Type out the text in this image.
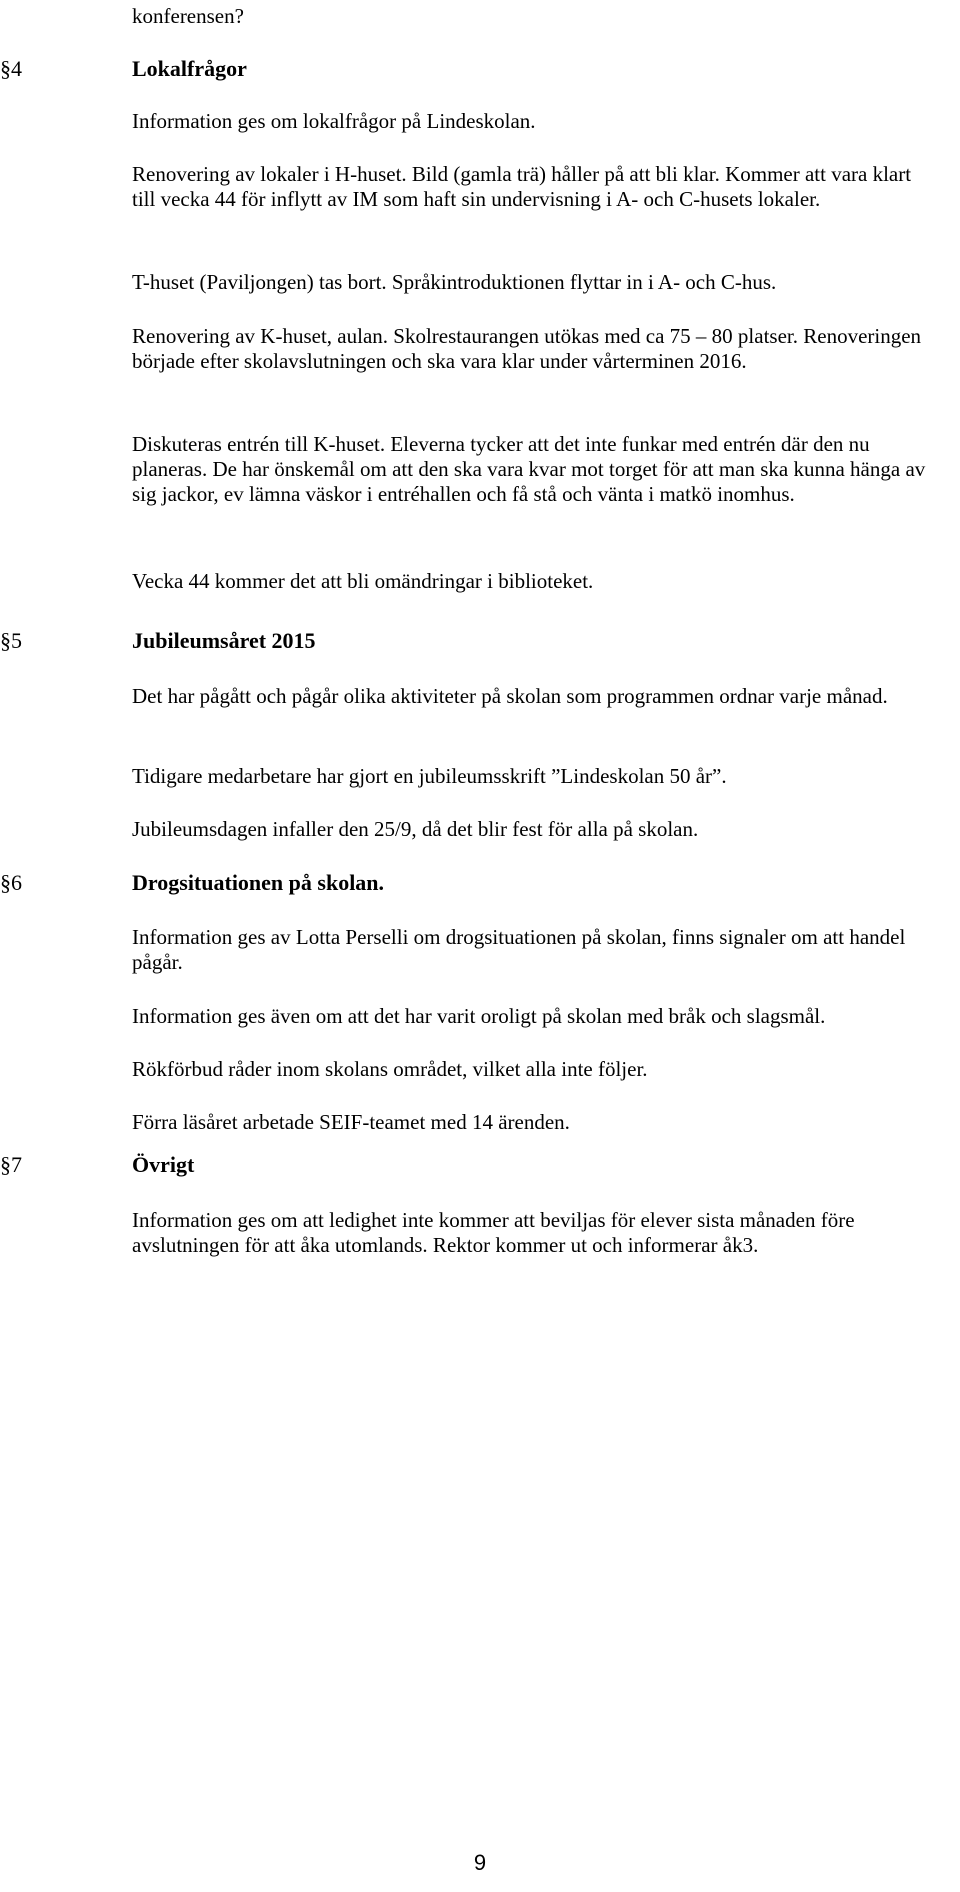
konferensen?

§4	Lokalfrågor

Information ges om lokalfrågor på Lindeskolan.

Renovering av lokaler i H-huset. Bild (gamla trä) håller på att bli klar. Kommer att vara klart till vecka 44 för inflytt av IM som haft sin undervisning i A- och C-husets lokaler.

T-huset (Paviljongen) tas bort. Språkintroduktionen flyttar in i A- och C-hus.

Renovering av K-huset, aulan. Skolrestaurangen utökas med ca 75 – 80 platser. Renoveringen började efter skolavslutningen och ska vara klar under vårterminen 2016.

Diskuteras entrén till K-huset. Eleverna tycker att det inte funkar med entrén där den nu planeras. De har önskemål om att den ska vara kvar mot torget för att man ska kunna hänga av sig jackor, ev lämna väskor i entréhallen och få stå och vänta i matkö inomhus.

Vecka 44 kommer det att bli omändringar i biblioteket.

§5	Jubileumsåret 2015

Det har pågått och pågår olika aktiviteter på skolan som programmen ordnar varje månad.

Tidigare medarbetare har gjort en jubileumsskrift ”Lindeskolan 50 år”.

Jubileumsdagen infaller den 25/9, då det blir fest för alla på skolan.

§6	Drogsituationen på skolan.

Information ges av Lotta Perselli om drogsituationen på skolan, finns signaler om att handel pågår.

Information ges även om att det har varit oroligt på skolan med bråk och slagsmål.

Rökförbud råder inom skolans området, vilket alla inte följer.

Förra läsåret arbetade SEIF-teamet med 14 ärenden.

§7	Övrigt

Information ges om att ledighet inte kommer att beviljas för elever sista månaden före avslutningen för att åka utomlands. Rektor kommer ut och informerar åk3.

9
